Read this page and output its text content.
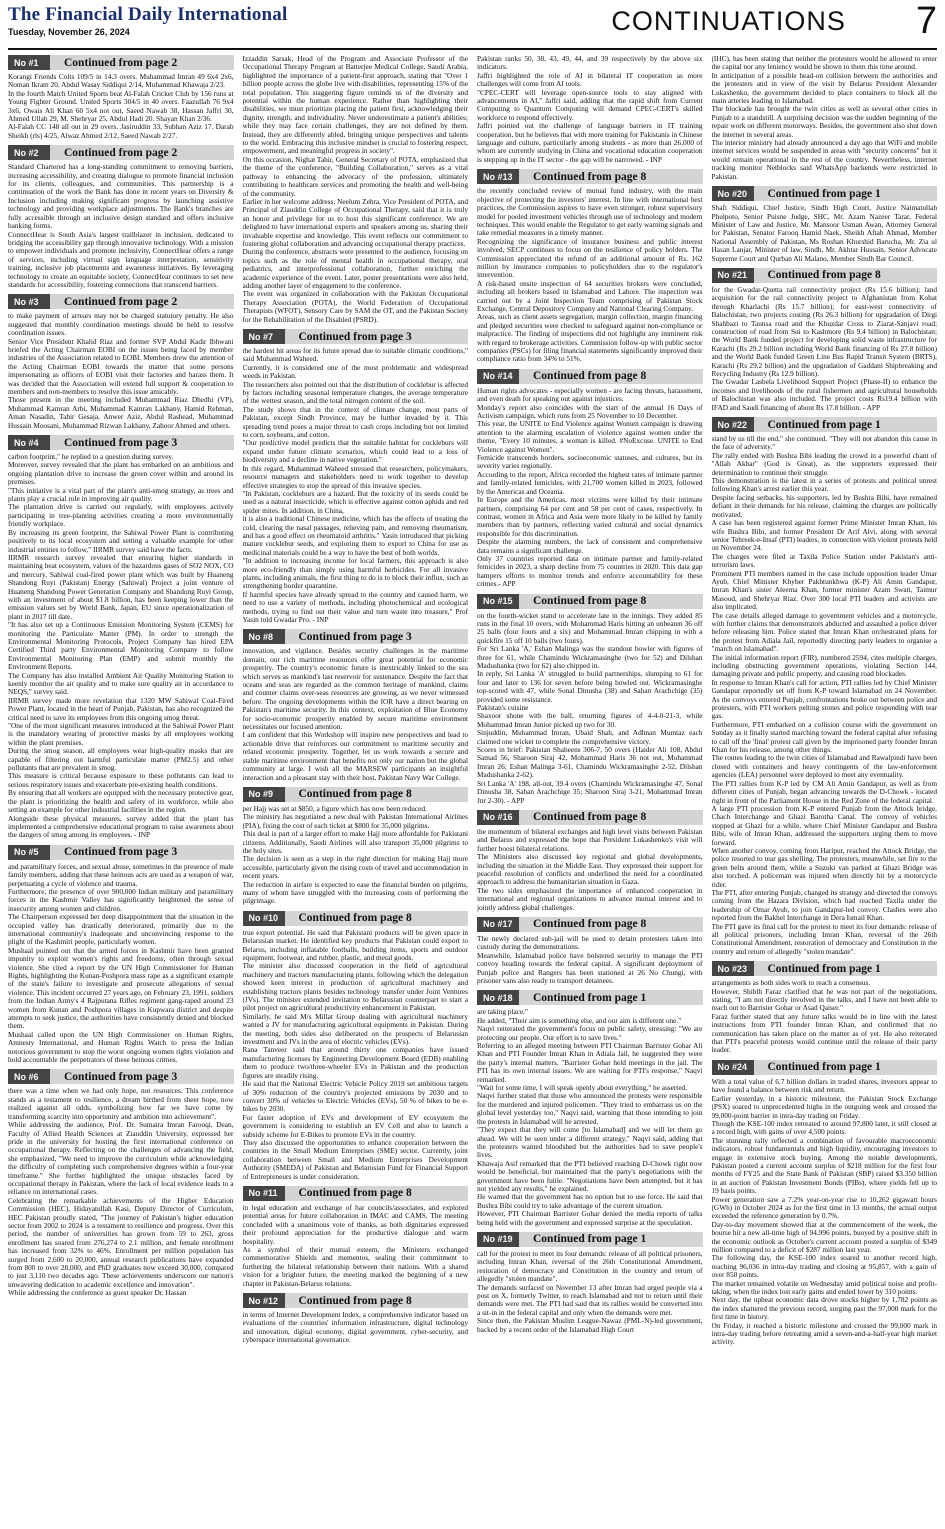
The Financial Daily International
Tuesday, November 26, 2024	CONTINUATIONS 7
No #1	Continued from page 2

Korangi Friends Colts 109/5 in 14.3 overs. Muhammad Imran 49 6x4 2x6, Noman Ikram 20. Abdul Wasay Siddiqui 2/14, Muhammad Khawaja 2/23.

In the fourth Match United Sports beat Al-Falah Cricket Club by 156 runs at Young Fighter Ground. United Sports 304/5 in 40 overs. Faazullah 76 9x4 3x6, Owais Ali Khan 60 5x4 not out, Saeed Nawab 38, Hassan Jaffri 30, Ahmed Ullah 29, M. Shehryar 25, Abdul Hadi 20. Shayan Khan 2/36.

Al-Falah CC 148 all out in 29 overs. Jasiruddin 33, Subhan Aziz 17. Darab Sheikh (rls) 4/25, Alwaz Ahmed 2/12, Saeed Nawab 2/27.

No #2	Continued from page 2

Standard Chartered has a long-standing commitment to removing barriers, increasing accessibility, and creating dialogue to promote financial inclusion for its clients, colleagues, and communities. This partnership is a continuation of the work the Bank has done in recent years on Diversity & Inclusion including making significant progress by launching assistive technology and providing workplace adjustments. The Bank's branches are fully accessible through an inclusive design standard and offers inclusive banking forms.

ConnectHear is South Asia's largest trailblazer in inclusion, dedicated to bridging the accessibility gap through innovative technology. With a mission to empower individuals and promote inclusivity, ConnectHear offers a range of services, including virtual sign language interpretation, sensitivity training, inclusive job placements and awareness initiatives. By leveraging technology to create an equitable society, ConnectHear continues to set new standards for accessibility, fostering connections that transcend barriers.

No #3	Continued from page 2

to make payment of arrears may not be charged statutory penalty. He also suggested that monthly coordination meetings should be held to resolve coordination issues.

Senior Vice President Khalid Riaz and former SVP Abdul Kadir Ibhwani briefed the Acting Chairman EOBI on the issues being faced by member industries of the Association related to EOBI. Members drew the attention of the Acting Chairman EOBI towards the matter that some persons impersonating as officers of EOBI visit their factories and harass them. It was decided that the Association will extend full support & cooperation to members and non-members to resolve this issue amicably.

Those present in the meeting included Muhammad Riaz Dhedhi (VP), Muhammad Kamran Arbi, Muhammad Kamran Lakhany, Hamid Rehman, Aman Nasadin, Tahir Gesaja, Anwer Aziz, Abdul Rashead, Muhammad Hussain Moosani, Muhammad Rizwan Lakhany, Zahoor Ahmed and others.

No #4	Continued from page 3

carbon footprint," he replied to a question during survey.

Moreover, survey revealed that the plant has embarked on an ambitious and ongoing plantation drive to increase the green cover within and around its premises.

"This initiative is a vital part of the plant's anti-smog strategy, as trees and plants play a crucial role in improving air quality.

The plantation drive is carried out regularly, with employees actively participating in tree-planting activities creating a more environmentally friendly workplace.

By increasing its green footprint, the Sahiwal Power Plant is contributing positively to its local ecosystem and setting a valuable example for other industrial entities to follow," IIRMR survey said have the facts.

IIRMR research survey revealed that ensuring higher standards in maintaining heat ecosystem, values of the hazardous gases of SO2 NOX, CO and mercury, Sahiwal coal-fired power plant which was built by Huaneng Shandong Ruyi (Pakistan) Energy (Sahiwal) Project a joint venture of Huaneng Shandong Power Generation Company and Shandong Ruyi Group, with an investment of about $1.8 billion, has been keeping lower than the emission values set by World Bank, Japan, EU since operationalization of plant in 2017 till date.

"It has also set up a Continuous Emission Monitoring System (CEMS) for monitoring the Particulate Matter (PM). In order to strength the Environmental Monitoring Protocols, Project Company has hired EPA Certified Third party Environmental Monitoring Company to follow Environmental Monitoring Plan (EMP) and submit monthly the Environment Reports.

The Company has also installed Ambient Air Quality Monitoring Station to keenly monitor the air quality and to make sure quality air in accordance to NEQS," survey said.

IIRMR survey made more revelation that 1320 MW Sahiwal Coal-Fired Power Plant, located in the heart of Punjab, Pakistan, has also recognized the critical need to save its employees from this ongoing smog threat.

"One of the most significant measures introduced at the Sahiwal Power Plant is the mandatory wearing of protective masks by all employees working within the plant premises.

During the smog season, all employees wear high-quality masks that are capable of filtering out harmful particulate matter (PM2.5) and other pollutants that are prevalent in smog.

This measure is critical because exposure to these pollutants can lead to serious respiratory issues and exacerbate pre-existing health conditions.

By ensuring that all workers are equipped with the necessary protective gear, the plant is prioritizing the health and safety of its workforce, while also setting an example for other industrial facilities in the region.

Alongside these physical measures, survey added that the plant has implemented a comprehensive educational program to raise awareness about the dangers of smog among its employees. - INP

No #5	Continued from page 3

and paramilitary forces, and sexual abuse, sometimes in the presence of male family members, adding that these heinous acts are used as a weapon of war, perpetuating a cycle of violence and trauma.

Furthermore, the presence of over 900,000 Indian military and paramilitary forces in the Kashmir Valley has significantly heightened the sense of insecurity among women and children.

The Chairperson expressed her deep disappointment that the situation in the occupied valley has drastically deteriorated, primarily due to the international community's inadequate and unconvincing response to the plight of the Kashmiri people, particularly women.

Mushaal pointed out that the armed forces in Kashmir have been granted impunity to exploit women's rights and freedoms, often through sexual violence. She cited a report by the UN High Commissioner for Human Rights, highlighting the Kunan-Poshpora mass rape as a significant example of the state's failure to investigate and prosecute allegations of sexual violence. This incident occurred 27 years ago, on February 23, 1991, soldiers from the Indian Army's 4 Rajputana Rifles regiment gang-raped around 23 women from Kunan and Poshpora villages in Kupwara district and despite attempts to seek justice, the authorities have consistently denied and blocked them.

Mushaal called upon the UN High Commissioner on Human Rights, Amnesty International, and Human Rights Watch to press the Indian notorious government to stop the worst ongoing women rights violation and hold accountable the perpetrators of these heinous crimes.

No #6	Continued from page 3

there was a time when we had only hope, not resources. This conference stands as a testament to resilience, a dream birthed from sheer hope, now realized against all odds, symbolizing how far we have come by transforming scarcity into opportunity and ambition into achievement".

While addressing the audience, Prof. Dr. Sumaira Imran Farooqi, Dean, Faculty of Allied Health Sciences at Ziauddin University, expressed her pride in the university for hosting the first international conference on occupational therapy. Reflecting on the challenges of advancing the field, she emphasized, "We need to improve the curriculum while acknowledging the difficulty of completing such comprehensive degrees within a four-year timeframe." She further highlighted the unique obstacles faced by occupational therapy in Pakistan, where the lack of local evidence leads to a reliance on international cases.

Celebrating the remarkable achievements of the Higher Education Commission (HEC), Hidayatullah Kasi, Deputy Director of Curriculum, HEC Pakistan proudly stated, "The journey of Pakistan's higher education sector from 2002 to 2024 is a testament to resilience and progress. Over this period, the number of universities has grown from 59 to 263, gross enrollment has soared from 276,274 to 2.1 million, and female enrollment has increased from 32% to 46%. Enrollment per million population has surged from 2,600 to 20,000, annual research publications have expanded from 800 to over 28,000, and PhD graduates now exceed 30,000, compared to just 3,110 two decades ago. These achievements underscore our nation's unwavering dedication to academic excellence and innovation".

While addressing the conference as guest speaker Dr. Hassan

Izzaddin Sarsak, Head of the Program and Associate Professor of the Occupational Therapy Program at Batterjee Medical College, Saudi Arabia, highlighted the importance of a patient-first approach, stating that "Over 1 billion people across the globe live with disabilities, representing 15% of the total population. This staggering figure reminds us of the diversity and potential within the human experience. Rather than highlighting their disabilities, we must prioritize placing the patient first, acknowledging their dignity, strength, and individuality. Never underestimate a patient's abilities; while they may face certain challenges, they are not defined by them. Instead, they are differently abled, bringing unique perspectives and talents to the world. Embracing this inclusive mindset is crucial to fostering respect, empowerment, and meaningful progress in society".

On this occasion, Nighat Tahir, General Secretary of POTA, emphasized that the theme of the conference, "Building Collaboration," serves as a vital pathway to enhancing the advocacy of the profession, ultimately contributing to healthcare services and promoting the health and well-being of the community.

Earlier in her welcome address, Neelum Zehra, Vice President of POTA, and Principal of Ziauddin College of Occupational Therapy, said that it is truly an honor and privilege for us to host this significant conference. We are delighted to have international experts and speakers among us, sharing their invaluable expertise and knowledge. This event reflects our commitment to fostering global collaboration and advancing occupational therapy practices.

During the conference, abstracts were presented to the audience, focusing on topics such as the role of mental health in occupational therapy, oral pediatrics, and interprofessional collaboration, further enriching the academic experience of the event. Later, poster presentations were also held, adding another layer of engagement to the conference.

The event was organized in collaboration with the Pakistan Occupational Therapy Association (POTA), the World Federation of Occupational Therapists (WFOT), Sensory Care by SAM the OT, and the Pakistan Society for the Rehabilitation of the Disabled (PSRD).

No #7	Continued from page 3

the hardest hit areas for its future spread due to suitable climatic conditions," said Muhammad Waheed.

Currently, it is considered one of the most problematic and widespread weeds in Pakistan.

The researchers also pointed out that the distribution of cocklebur is affected by factors including seasonal temperature changes, the average temperature of the wettest season, and the total nitrogen content of the soil.

The study shows that in the context of climate change, most parts of Pakistan, except Sindh Province, may be further invaded by it. This spreading trend poses a major threat to cash crops including but not limited to corn, soybeans, and cotton.

"Our predictive model predicts that the suitable habitat for cockleburs will expand under future climate scenarios, which could lead to a loss of biodiversity and a decline in native vegetation."

In this regard, Muhammad Waheed stressed that researchers, policymakers, resource managers and stakeholders need to work together to develop effective strategies to stop the spread of this invasive species.

"In Pakistan, cockleburs are a hazard. But the toxicity of its seeds could be used as a natural insecticide, which is effective against cotton aphids and red spider mites. In addition, in China,

it is also a traditional Chinese medicine, which has the effects of treating the cold, clearing the nasal passages, relieving pain, and removing rheumatism, and has a good effect on rheumatoid arthritis." Yasin introduced that picking mature cocklebur seeds, and exploring them to export to China for use as medicinal materials could be a way to have the best of both worlds.

"In addition to increasing income for local farmers, this approach is also more eco-friendly than simply using harmful herbicides. For all invasive plants, including animals, the first thing to do is to block their influx, such as strengthening border quarantine.

If harmful species have already spread to the country and caused harm, we need to use a variety of methods, including photochemical and ecological methods, trying to find out their value and turn waste into treasure," Prof Yasin told Gwadar Pro. - INP

No #8	Continued from page 3

innovation, and vigilance. Besides security challenges in the maritime domain, our rich maritime resources offer great potential for economic prosperity. The country's economic future is inextricably linked to the sea which serves as mankind's last reservoir for sustenance. Despite the fact that oceans and seas are regarded as the common heritage of mankind, claims and counter claims over-seas resources are growing, as we never witnessed before. The ongoing developments within the IOR have a direct bearing on Pakistan's maritime security. In this context, exploitation of Blue Economy for socio-economic prosperity enabled by secure maritime environment necessitates our focused attention.

I am confident that this Workshop will inspire new perspectives and lead to actionable drive that reinforces our commitment to maritime security and related economic prosperity. Together, let us work towards a secure and stable maritime environment that benefits not only our nation but the global community at large. I wish all the MARSEW participants an insightful interaction and a pleasant stay with their host, Pakistan Navy War College.

No #9	Continued from page 8

per Hajj was set at $850, a figure which has now been reduced.

The ministry has negotiated a new deal with Pakistan International Airlines (PIA), fixing the cost of each ticket at $800 for 35,000 pilgrims.

This deal is part of a larger effort to make Hajj more affordable for Pakistani citizens. Additionally, Saudi Airlines will also transport 35,000 pilgrims to the holy sites.

The decision is seen as a step in the right direction for making Hajj more accessible, particularly given the rising costs of travel and accommodation in recent years.

The reduction in airfare is expected to ease the financial burden on pilgrims, many of whom have struggled with the increasing costs of performing the pilgrimage.

No #10	Continued from page 8

true export potential. He said that Pakistani products will be given space in Belarusian market. He identified key products that Pakistan could export to Belarus, including inflatable footballs, building items, sports and outdoor equipment, footwear, and rubber, plastic, and metal goods.

The minister also discussed cooperation in the field of agricultural machinery and tractors manufacturing plants, following which the delegation showed keen interest in production of agricultural machinery and establishing tractors plants besides technology transfer under Joint Ventures (JVs). The minister extended invitation to Belarusian counterpart to start a pilot project on agricultural productivity enhancement in Pakistan.

Similarly, he said M/s Millat Group dealing with agricultural machinery wanted a JV for manufacturing agricultural equipments in Pakistan. During the meeting, both sides also deliberated on the prospects of Belarusian investment and JVs in the area of electric vehicles (EVs).

Rana Tanveer said that around thirty one companies have issued manufacturing licenses by Engineering Development Board (EDB) enabling them to produce two/three-wheeler EVs in Pakistan and the production figures are steadily rising.

He said that the National Electric Vehicle Policy 2019 set ambitious targets of 30% reduction of the country's projected emissions by 2030 and to convert 30% of vehicles to Electric Vehicles (EVs), 50 % of bikes to be e-bikes by 2030.

For faster adoption of EVs and development of EV ecosystem the government is considering to establish an EV Cell and also to launch a subsidy scheme for E-Bikes to promote EVs in the country.

They also discussed the opportunities to enhance cooperation between the countries in the Small Medium Enterprises (SME) sector. Currently, joint collaboration between Small and Medium Enterprises Development Authority (SMEDA) of Pakistan and Belarusian Fund for Financial Support of Entrepreneurs is under consideration.

No #11	Continued from page 8

in legal education and exchange of bar councils/associates, and explored potential areas for future collaboration in IMAC and CAMS. The meeting concluded with a unanimous vote of thanks, as both dignitaries expressed their profound appreciation for the productive dialogue and warm hospitality.

As a symbol of their mutual esteem, the Ministers exchanged commemorative Shields and mementos, sealing their commitment to furthering the bilateral relationship between their nations. With a shared vision for a brighter future, the meeting marked the beginning of a new chapter in Pakistan-Belarus relations.

No #12	Continued from page 8

in terms of Internet Development Index, a comprehensive indicator based on evaluations of the countries' information infrastructure, digital technology and innovation, digital economy, digital government, cyber-security, and cyberspace international governance.

Pakistan ranks 50, 38, 43, 49, 44, and 39 respectively by the above six indicators.

Jaffri highlighted the role of AI in bilateral IT cooperation as more challenges will come from AI tools.

"CPEC-CERT will leverage open-source tools to stay aligned with advancements in AI," Jaffri said, adding that the rapid shift from Current Computing to Quantum Computing will demand CPEC-CERT's skilled workforce to respond effectively.

Jaffri pointed out the challenge of language barriers in IT training cooperation, but he believes that with more training for Pakistanis in Chinese language and culture, particularly among students - as more than 26,000 of whom are currently studying in China and vocational education cooperation is stepping up in the IT sector - the gap will be narrowed. - INP

No #13	Continued from page 8

the recently concluded review of mutual fund industry, with the main objective of protecting the investors' interest. In line with international best practices, the Commission aspires to have even stronger, robust supervisory model for pooled investment vehicles through use of technology and modern techniques. This would enable the Regulator to get early warning signals and take remedial measures in a timely manner.

Recognizing the significance of insurance business and public interest involved, SECP continues to focus on the resilience of policy holders. The Commission appreciated the refund of an additional amount of Rs. 162 million by insurance companies to policyholders due to the regulator's intervention.

A risk-based onsite inspection of 64 securities brokers were concluded, including all brokers based in Islamabad and Lahore. The inspection was carried out by a Joint Inspection Team comprising of Pakistan Stock Exchange, Central Depository Company and National Clearing Company.

Areas, such as client assets segregation, margin collection, margin financing and pledged securities were checked to safeguard against non-compliance or malpractice. The finding of inspections did not highlight any imminent risk with regard to brokerage activities. Commission follow-up with public sector companies (PSCs) for filing financial statements significantly improved their compliance ratio from 34% to 51%.

No #14	Continued from page 8

Human rights advocates - especially women - are facing threats, harassment, and even death for speaking out against injustices.

Monday's report also coincides with the start of the annual 16 Days of Activism campaign, which runs from 25 November to 10 December.

This year, the UNITE to End Violence against Women campaign is drawing attention to the alarming escalation of violence against women under the theme, "Every 10 minutes, a woman is killed. #NoExcuse. UNITE to End Violence against Women".

Femicide transcends borders, socioeconomic statuses, and cultures, but its severity varies regionally.

According to the report, Africa recorded the highest rates of intimate partner and family-related femicides, with 21,700 women killed in 2023, followed by the Americas and Oceania.

In Europe and the Americas, most victims were killed by their intimate partners, comprising 64 per cent and 58 per cent of cases, respectively. In contrast, women in Africa and Asia were more likely to be killed by family members than by partners, reflecting varied cultural and social dynamics responsible for this discrimination.

Despite the alarming numbers, the lack of consistent and comprehensive data remains a significant challenge.

Only 37 countries reported data on intimate partner and family-related femicides in 2023, a sharp decline from 75 countries in 2020. This data gap hampers efforts to monitor trends and enforce accountability for these crimes.- APP

No #15	Continued from page 8

on the fourth-wicket stand to accelerate late in the innings. They added 85 runs in the final 10 overs, with Mohammad Haris hitting an unbeaten 36 off 25 balls (four fours and a six) and Mohammad Imran chipping in with a quickfire 15 off 10 balls (two fours).

For Sri Lanka 'A,' Eshan Malinga was the standout bowler with figures of three for 61, while Chamindu Wickramasinghe (two for 52) and Dilshan Madushanka (two for 62) also chipped in.

In reply, Sri Lanka 'A' struggled to build partnerships, slumping to 61 for four and later to 136 for seven before being bowled out. Wickramasinghe top-scored with 47, while Sonal Dinusha (38) and Sahan Arachchige (35) provided some resistance.

Pakistan's cuisine

Shaxoor shone with the ball, returning figures of 4-4-0-21-3, while Mohammad Imran Junior picked up two for 30.

Sinjuddin, Muhammad Imran, Ubaid Shah, and Adhnan Mumtaz each claimed one wicket to complete the comprehensive victory.

Scores in brief: Pakistan Shaheens 306-7, 50 overs (Haider Ali 108, Abdul Samad 56, Sharoon Siraj 42, Mohammad Haris 36 not out, Mohammad Imran 26; Eshan Malinga 3-61, Chamindu Wickramasinghe 2-52, Dilshan Madushanka 2-62).

Sri Lanka 'A' 198, all-out, 39.4 overs (Chamindu Wickramasinghe 47, Sonal Dinusha 38, Sahan Arachchige 35; Sharoon Siraj 3-21, Mohammad Imran Jnr 2-30). - APP

No #16	Continued from page 8

the momentum of bilateral exchanges and high level visits between Pakistan and Belarus and expressed the hope that President Lukashenko's visit will further boost bilateral relations.

The Ministers also discussed key regional and global developments, including the situation in the Middle East. They expressed their support for peaceful resolution of conflicts and underlined the need for a coordinated approach to address the humanitarian situation in Gaza.

The two sides emphasized the importance of enhanced cooperation in international and regional organizations to advance mutual interest and to jointly address global challenges.

No #17	Continued from page 8

The newly declared sub-jail will be used to detain protesters taken into custody during the demonstrations.

Meanwhile, Islamabad police have bolstered security to manage the PTI convoy heading towards the federal capital. A significant deployment of Punjab police and Rangers has been stationed at 26 No Chungi, with prisoner vans also ready to transport detainees.

No #18	Continued from page 1

are taking place."

He added, "Their aim is something else, and our aim is different one."

Naqvi reiterated the government's focus on public safety, stressing: "We are protecting our people. Our effort is to save lives."

Referring to an alleged meeting between PTI Chairman Barrister Gohar Ali Khan and PTI Founder Imran Khan in Adiala Jail, he suggested they were the party's internal matters. "Barrister Gohar held meetings in the jail. The PTI has its own internal issues. We are waiting for PTI's response," Naqvi remarked.

"Wait for some time, I will speak openly about everything," he asserted.

Naqvi further stated that those who announced the protests were responsible for the murdered and injured policemen. "They tried to embarrass us on the global level yesterday too," Naqvi said, warning that those intending to join the protests in Islamabad will be arrested.

"They expect that they will come [to Islamabad] and we will let them go ahead. We will be seen under a different strategy," Naqvi said, adding that the protesters wanted bloodshed but the authorities had to save people's lives.

Khawaja Asif remarked that the PTI believed reaching D-Chowk right now would be beneficial, but maintained that the party's negotiations with the government have been futile. "Negotiations have been attempted, but it has not yielded any results," he explained.

He warned that the government has no option but to use force. He said that Bushra Bibi could try to take advantage of the current situation.

However, PTI Chairman Barrister Gohar denied the media reports of talks being held with the government and expressed surprise at the speculation.

No #19	Continued from page 1

call for the protest to meet its four demands: release of all political prisoners, including Imran Khan, reversal of the 26th Constitutional Amendment, restoration of democracy and Constitution in the country and return of allegedly "stolen mandate".

The demands surfaced on November 13 after Imran had urged people via a post on X, formerly Twitter, to reach Islamabad and not to return until their demands were met. The PTI had said that its rallies would be converted into a sit-in in the federal capital and only when the demands were met.

Since then, the Pakistan Muslim League-Nawaz (PML-N)-led government, backed by a recent order of the Islamabad High Court

(IHC), has been stating that neither the protesters would be allowed to enter the capital nor any leniency would be shown to them this time around.

In anticipation of a possible head-on collision between the authorities and the protesters and in view of the visit by Belarus President Alexander Lukashenko, the government decided to place containers to block all the main arteries leading to Islamabad.

The blockade has brought the twin cities as well as several other cities in Punjab to a standstill. A surprising decision was the sudden beginning of the repair work on different motorways. Besides, the government also shut down the internet in several areas.

The interior ministry had already announced a day ago that WiFi and mobile internet services would be suspended in areas with "security concerns" but it would remain operational in the rest of the country. Nevertheless, internet tracking monitor Netblocks said WhatsApp backends were restricted in Pakistan.

No #20	Continued from page 1

Shafi Siddiqui, Chief Justice, Sindh High Court, Justice Naimatullah Phulpoto, Senior Puisne Judge, SHC, Mr. Azam Nazeer Tarar, Federal Minister of Law and Justice, Mr. Mansoor Usman Awan, Attorney General for Pakistan, Senator Farooq Hamid Naek, Sheikh Aftab Ahmad, Member National Assembly of Pakistan, Ms Roshan Khurshid Barucha, Mr. Zia ul Hasan Lanjar, Minister of law, Sindh, Mr. Akhtar Hussain, Senior Advocate Supreme Court and Qurban Ali Malano, Member Sindh Bar Council.

No #21	Continued from page 8

for the Gwadar-Quetta rail connectivity project (Rs 15.6 billion); land acquisition for the rail connectivity project to Afghanistan from Kohat through Kharlachi (Rs 15.7 billion); for east-west connectivity of Balochistan, two projects costing (Rs 26.3 billion) for upgradation of Dirgi Shahbazi to Taunsa road and the Khuzdar Cross to Ziarat-Sanjavi road; construction of road from Sui to Kashmore (Rs 9.4 billion) in Balochistan; the World Bank funded project for developing solid waste infrastructure for Karachi (Rs 29.2 billion including World Bank financing of Rs 27.8 billion) and the World Bank funded Green Line Bus Rapid Transit System (BRTS), Karachi (Rs 29.2 billion) and the upgradation of Gaddani Shipbreaking and Recycling Industry (Rs 12.9 billion).

The Gwadar Lasbela Livelihood Support Project (Phase-II) to enhance the incomes and livelihoods of the rural fishermen and agricultural households of Balochistan was also included. The project costs Rs19.4 billion with IFAD and Saudi financing of about Rs 17.8 billion. - APP

No #22	Continued from page 1

stand by us till the end," she continued. "They will not abandon this cause in the face of adversity."

The rally ended with Bushra Bibi leading the crowd in a powerful chant of "Allah Akbar" (God is Great), as the supporters expressed their determination to continue their struggle.

This demonstration is the latest in a series of protests and political unrest following Khan's arrest earlier this year.

Despite facing setbacks, his supporters, led by Bushra Bibi, have remained defiant in their demands for his release, claiming the charges are politically motivated.

A case has been registered against former Prime Minister Imran Khan, his wife Bushra Bibi, and former President Dr Arif Alvi, along with several senior Tehreek-e-Insaf (PTI) leaders, in connection with violent protests held on November 24.

The charges were filed at Taxila Police Station under Pakistan's anti-terrorism laws.

Prominent PTI members named in the case include opposition leader Umar Ayub, Chief Minister Khyber Pakhtunkhwa (K-P) Ali Amin Gandapur, Imran Khan's sister Aleema Khan, former minister Azam Swati, Taimur Masood, and Shehryar Riaz. Over 300 local PTI leaders and activists are also implicated.

The case details alleged damage to government vehicles and a motorcycle, with further claims that demonstrators abducted and assaulted a police driver before releasing him. Police stated that Imran Khan orchestrated plans for the protest from Adiala Jail, reportedly directing party leaders to organise a "march on Islamabad".

The initial information report (FIR), numbered 2594, cites multiple charges, including obstructing government operations, violating Section 144, damaging private and public property, and causing road blockades.

In response to Imran Khan's call for action, PTI rallies led by Chief Minister Gandapur reportedly set off from K-P toward Islamabad on 24 November. As the convoys entered Punjab, confrontations broke out between police and protesters, with PTI workers pelting stones and police responding with tear gas.

Furthermore, PTI embarked on a collision course with the government on Sunday as it finally started marching toward the federal capital after refusing to call off the 'final' protest call given by the imprisoned party founder Imran Khan for his release, among other things.

The routes leading to the twin cities of Islamabad and Rawalpindi have been closed with containers and heavy contingents of the law-enforcement agencies (LEA) personnel were deployed to meet any eventuality.

The PTI rallies from K-P led by CM Ali Amin Gandapur, as well as from different cities of Punjab, began advancing towards the D-Chowk - located right in front of the Parliament House in the Red Zone of the federal capital.

A large PTI procession from K-P entered Punjab from the Attock bridge, Chach Interchange and Ghazi Barotha Canal. The convoy of vehicles stopped at Ghazi for a while, where Chief Minister Gandapur and Bushra Bibi, wife of Imran Khan, addressed the supporters urging them to move forward.

When another convoy, coming from Haripur, reached the Attock Bridge, the police resorted to tear gas shelling. The protesters, meanwhile, set fire to the green belts around them, while a Suzuki van parked at Ghazi Bridge was also torched. A policeman was injured when directly hit by a motorcycle rider.

The PTI, after entering Punjab, changed its strategy and directed the convoys coming from the Hazara Division, which had reached Taxila under the leadership of Omar Ayub, to join Gandapur-led convoy. Clashes were also reported from the Bakhel Interchange in Dera Ismail Khan.

The PTI gave its final call for the protest to meet its four demands: release of all political prisoners, including Imran Khan, reversal of the 26th Constitutional Amendment, restoration of democracy and Constitution in the country and return of allegedly "stolen mandate".

No #23	Continued from page 1

arrangements as both sides work to reach a consensus.

However, Shiblh Faraz clarified that he was not part of the negotiations, stating, "I am not directly involved in the talks, and I have not been able to reach out to Barrister Gohar or Asad Qaiser."

Faraz further stated that any future talks would be in line with the latest instructions from PTI founder Imran Khan, and confirmed that no communication has taken place on the matter as of yet. He also reiterated that PTI's peaceful protests would continue until the release of their party leader.

No #24	Continued from page 1

With a total value of 6.7 billion dollars in traded shares, investors appear to have found a balance between risk and return.

Earlier yesterday, in a historic milestone, the Pakistan Stock Exchange (PSX) soared to unprecedented highs in the outgoing week and crossed the 99,000-point barrier in intra-day trading on Friday.

Though the KSE-100 index retreated to around 97,800 later, it still closed at a record high, with gains of over 4,500 points.

The stunning rally reflected a combination of favourable macroeconomic indicators, robust fundamentals and high liquidity, encouraging investors to engage in extensive stock buying. Among the notable developments, Pakistan posted a current account surplus of $218 million for the first four months of FY25 and the State Bank of Pakistan (SBP) raised $3.350 billion in an auction of Pakistan Investment Bonds (PIBs), where yields fell up to 19 basis points.

Power generation saw a 7.2% year-on-year rise to 10,262 gigawatt hours (GWh) in October 2024 as for the first time in 13 months, the actual output exceeded the reference generation by 0.7%.

Day-to-day movement showed that at the commencement of the week, the bourse hit a new all-time high of 94,996 points, buoyed by a positive shift in the economic outlook as October's current account posted a surplus of $349 million compared to a deficit of $287 million last year.

The following day, the KSE-100 index soared to another record high, reaching 96,036 in intra-day trading and closing at 95,857, with a gain of over 850 points.

The market remained volatile on Wednesday amid political noise and profit-taking, when the index lost early gains and ended lower by 310 points.

Next day, the upbeat economic data drove stocks higher by 1,782 points as the index shattered the previous record, surging past the 97,000 mark for the first time in history.

On Friday, it reached a historic milestone and crossed the 99,000 mark in intra-day trading before retreating amid a seven-and-a-half-year high market activity.
